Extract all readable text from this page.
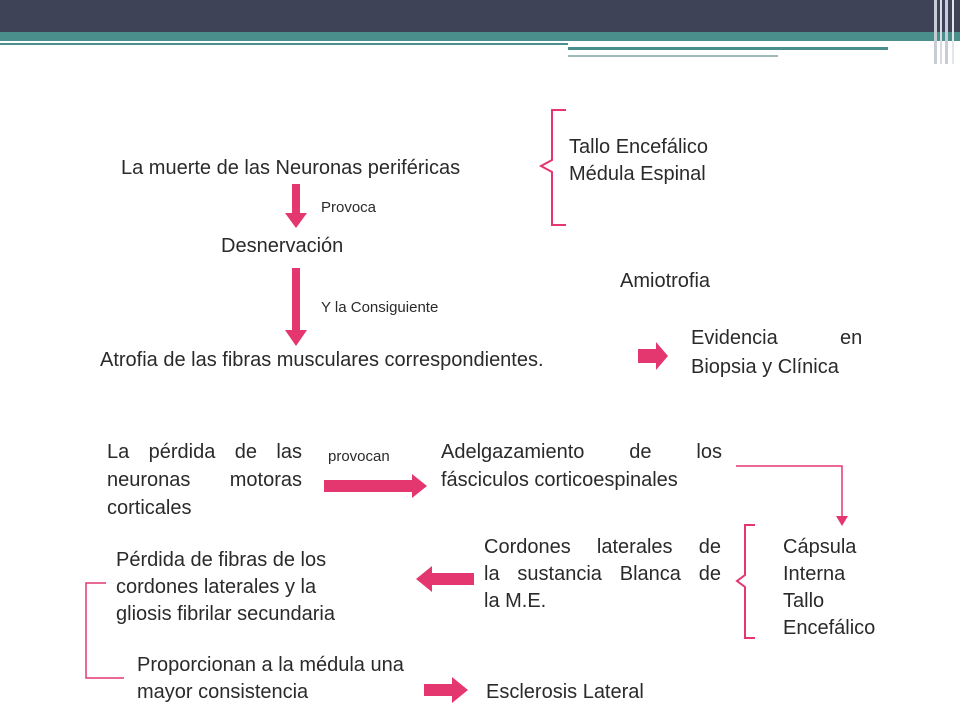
La muerte de las Neuronas periféricas
Tallo Encefálico
Médula Espinal
Provoca
Desnervación
Amiotrofia
Y la Consiguiente
Atrofia de las fibras musculares correspondientes.
Evidencia	en
Biopsia y Clínica
La pérdida de las
neuronas motoras
corticales
provocan	Adelgazamiento de los
fásciculos corticoespinales
Cápsula
Interna
Tallo
Encefálico
Cordones laterales de
la sustancia Blanca de
la M.E.
Pérdida de fibras de los
cordones laterales y la
gliosis fibrilar secundaria
Proporcionan a la médula una
mayor consistencia	Esclerosis Lateral
